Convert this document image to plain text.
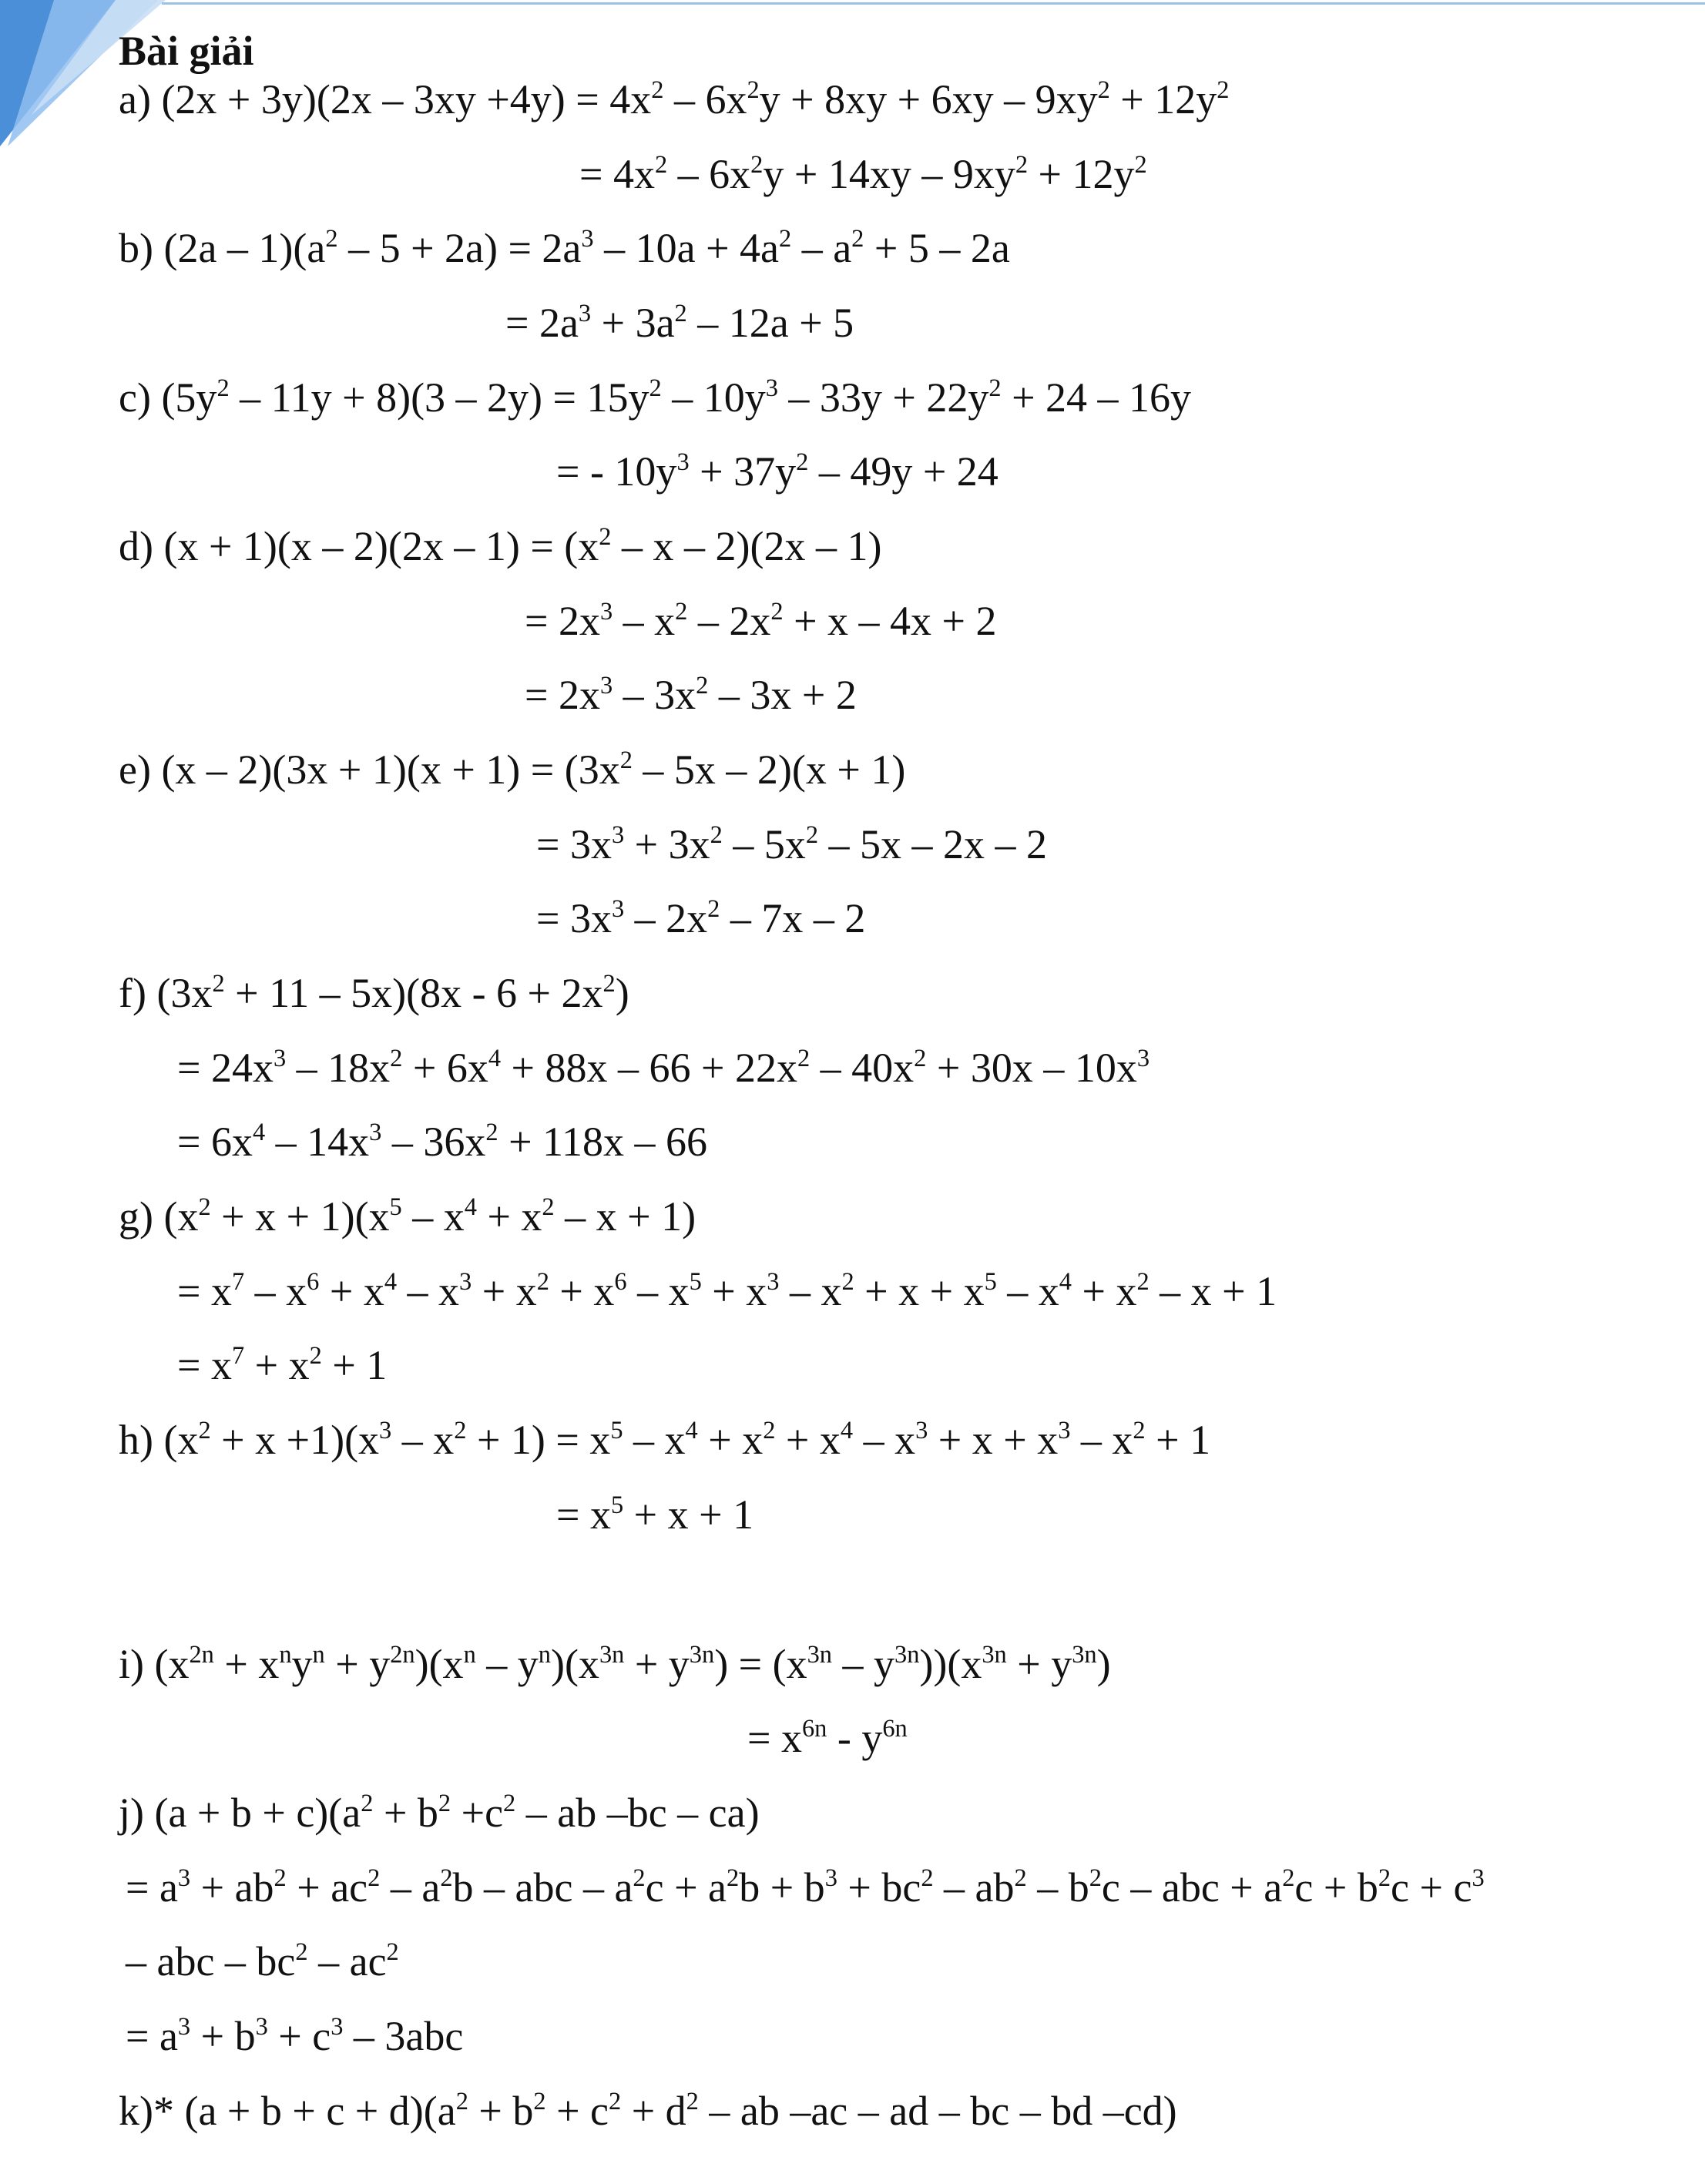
Bài giải
a) $(2x + 3y)(2x - 3xy +4y) = 4x^2 - 6x^2y + 8xy + 6xy - 9xy^2 + 12y^2$
= $4x^2 - 6x^2y + 14xy - 9xy^2 + 12y^2$
b) $(2a - 1)(a^2 - 5 + 2a) = 2a^3 - 10a + 4a^2 - a^2 + 5 - 2a$
= $2a^3 + 3a^2 - 12a + 5$
c) $(5y^2 - 11y + 8)(3 - 2y) = 15y^2 - 10y^3 - 33y + 22y^2 + 24 - 16y$
= - $10y^3 + 37y^2 - 49y + 24$
d) $(x + 1)(x - 2)(2x - 1) = (x^2 - x - 2)(2x - 1)$
= $2x^3 - x^2 - 2x^2 + x - 4x + 2$
= $2x^3 - 3x^2 - 3x + 2$
e) $(x - 2)(3x + 1)(x + 1) = (3x^2 - 5x - 2)(x + 1)$
= $3x^3 + 3x^2 - 5x^2 - 5x - 2x - 2$
= $3x^3 - 2x^2 - 7x - 2$
f) $(3x^2 + 11 - 5x)(8x - 6 + 2x^2)$
= $24x^3 - 18x^2 + 6x^4 + 88x - 66 + 22x^2 - 40x^2 + 30x - 10x^3$
= $6x^4 - 14x^3 - 36x^2 + 118x - 66$
g) $(x^2 + x + 1)(x^5 - x^4 + x^2 - x + 1)$
= $x^7 - x^6 + x^4 - x^3 + x^2 + x^6 - x^5 + x^3 - x^2 + x + x^5 - x^4 + x^2 - x + 1$
= $x^7 + x^2 + 1$
h) $(x^2 + x +1)(x^3 - x^2 + 1) = x^5 - x^4 + x^2 + x^4 - x^3 + x + x^3 - x^2 + 1$
= $x^5 + x + 1$
i) $(x^{2n} + x^ny^n + y^{2n})(x^n - y^n)(x^{3n} + y^{3n}) = (x^{3n} - y^{3n}))(x^{3n} + y^{3n})$
= $x^{6n} - y^{6n}$
j) $(a + b + c)(a^2 + b^2 +c^2$ – ab –bc – ca)
= $a^3 + ab^2 + ac^2 - a^2b$ – abc – $a^2c + a^2b + b^3 + bc^2 - ab^2 - b^2c$ – abc + $a^2c + b^2c + c^3$
– abc – $bc^2 - ac^2$
= $a^3 + b^3 + c^3 - 3abc$
k)* $(a + b + c + d)(a^2 + b^2 + c^2 + d^2$ – ab –ac – ad – bc – bd –cd)
